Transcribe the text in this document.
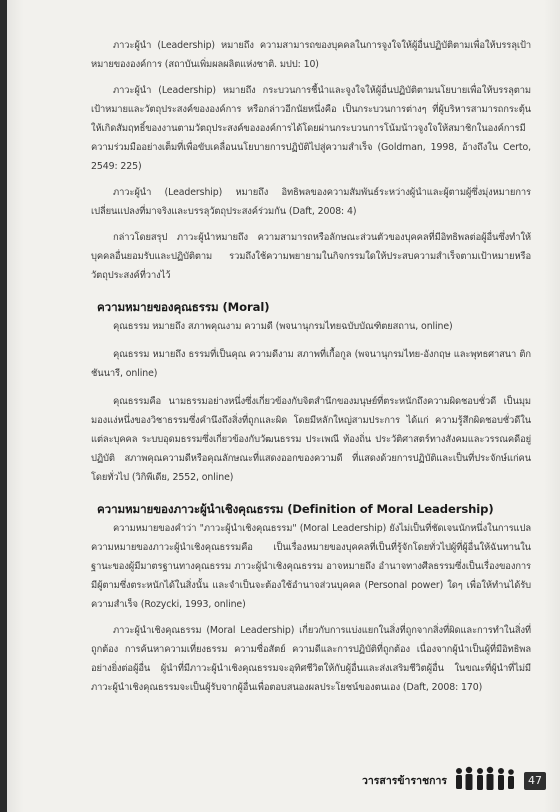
ภาวะผู้นำ (Leadership) หมายถึง ความสามารถของบุคคลในการจูงใจให้ผู้อื่นปฏิบัติตามเพื่อให้บรรลุเป้าหมายขององค์การ (สถาบันเพิ่มผลผลิตแห่งชาติ. มปป: 10)

ภาวะผู้นำ (Leadership) หมายถึง กระบวนการชี้นำและจูงใจให้ผู้อื่นปฏิบัติตามนโยบายเพื่อให้บรรลุตามเป้าหมายและวัตถุประสงค์ขององค์การ หรือกล่าวอีกนัยหนึ่งคือ เป็นกระบวนการต่างๆ ที่ผู้บริหารสามารถกระตุ้นให้เกิดสัมฤทธิ์ของงานตามวัตถุประสงค์ขององค์การได้โดยผ่านกระบวนการโน้มน้าวจูงใจให้สมาชิกในองค์การมีความร่วมมืออย่างเต็มที่เพื่อขับเคลื่อนนโยบายการปฏิบัติไปสู่ความสำเร็จ (Goldman, 1998, อ้างถึงใน Certo, 2549: 225)

ภาวะผู้นำ (Leadership) หมายถึง อิทธิพลของความสัมพันธ์ระหว่างผู้นำและผู้ตามผู้ซึ่งมุ่งหมายการเปลี่ยนแปลงที่มาจริงและบรรลุวัตถุประสงค์ร่วมกัน (Daft, 2008: 4)

กล่าวโดยสรุป ภาวะผู้นำหมายถึง ความสามารถหรือลักษณะส่วนตัวของบุคคลที่มีอิทธิพลต่อผู้อื่นซึ่งทำให้บุคคลอื่นยอมรับและปฏิบัติตาม รวมถึงใช้ความพยายามในกิจกรรมใดให้ประสบความสำเร็จตามเป้าหมายหรือวัตถุประสงค์ที่วางไว้

ความหมายของคุณธรรม (Moral)

คุณธรรม หมายถึง สภาพคุณงาม ความดี (พจนานุกรมไทยฉบับบัณฑิตยสถาน, online)

คุณธรรม หมายถึง ธรรมที่เป็นคุณ ความดีงาม สภาพที่เกื้อกูล (พจนานุกรมไทย-อังกฤษ และพุทธศาสนา ติกชันนารี, online)

คุณธรรมคือ นามธรรมอย่างหนึ่งซึ่งเกี่ยวข้องกับจิตสำนึกของมนุษย์ที่ตระหนักถึงความผิดชอบชั่วดี เป็นมุมมองแง่หนึ่งของวิชาธรรมซึ่งคำนึงถึงสิ่งที่ถูกและผิด โดยมีหลักใหญ่สามประการ ได้แก่ ความรู้สึกผิดชอบชั่วดีในแต่ละบุคคล ระบบอุดมธรรมซึ่งเกี่ยวข้องกับวัฒนธรรม ประเพณี ท้องถิ่น ประวัติศาสตร์ทางสังคมและวรรณคดีอยู่ปฏิบัติ สภาพคุณความดีหรือคุณลักษณะที่แสดงออกของความดี ที่แสดงด้วยการปฏิบัติและเป็นที่ประจักษ์แก่คนโดยทั่วไป (วิกิพีเดีย, 2552, online)

ความหมายของภาวะผู้นำเชิงคุณธรรม (Definition of Moral Leadership)

ความหมายของคำว่า "ภาวะผู้นำเชิงคุณธรรม" (Moral Leadership) ยังไม่เป็นที่ชัดเจนนักหนึ่งในการแปลความหมายของภาวะผู้นำเชิงคุณธรรมคือ เป็นเรื่องหมายของบุคคลที่เป็นที่รู้จักโดยทั่วไปผู้ที่ผู้อื่นให้ฉันทานในฐานะของผู้มีมาตรฐานทางคุณธรรม ภาวะผู้นำเชิงคุณธรรม อาจหมายถึง อำนาจทางศีลธรรมซึ่งเป็นเรื่องของการมีผู้ตามซึ่งตระหนักได้ในสิ่งนั้น และจำเป็นจะต้องใช้อำนาจส่วนบุคคล (Personal power) ใดๆ เพื่อให้ทำนได้รับความสำเร็จ (Rozycki, 1993, online)

ภาวะผู้นำเชิงคุณธรรม (Moral Leadership) เกี่ยวกับการแบ่งแยกในสิ่งที่ถูกจากสิ่งที่ผิดและการทำในสิ่งที่ถูกต้อง การค้นหาความเที่ยงธรรม ความซื่อสัตย์ ความดีและการปฏิบัติที่ถูกต้อง เนื่องจากผู้นำเป็นผู้ที่มีอิทธิพลอย่างยิ่งต่อผู้อื่น ผู้นำที่มีภาวะผู้นำเชิงคุณธรรมจะอุทิศชีวิตให้กับผู้อื่นและส่งเสริมชีวิตผู้อื่น ในขณะที่ผู้นำที่ไม่มีภาวะผู้นำเชิงคุณธรรมจะเป็นผู้รับจากผู้อื่นเพื่อตอบสนองผลประโยชน์ของตนเอง (Daft, 2008: 170)

วารสารข้าราชการ	47
